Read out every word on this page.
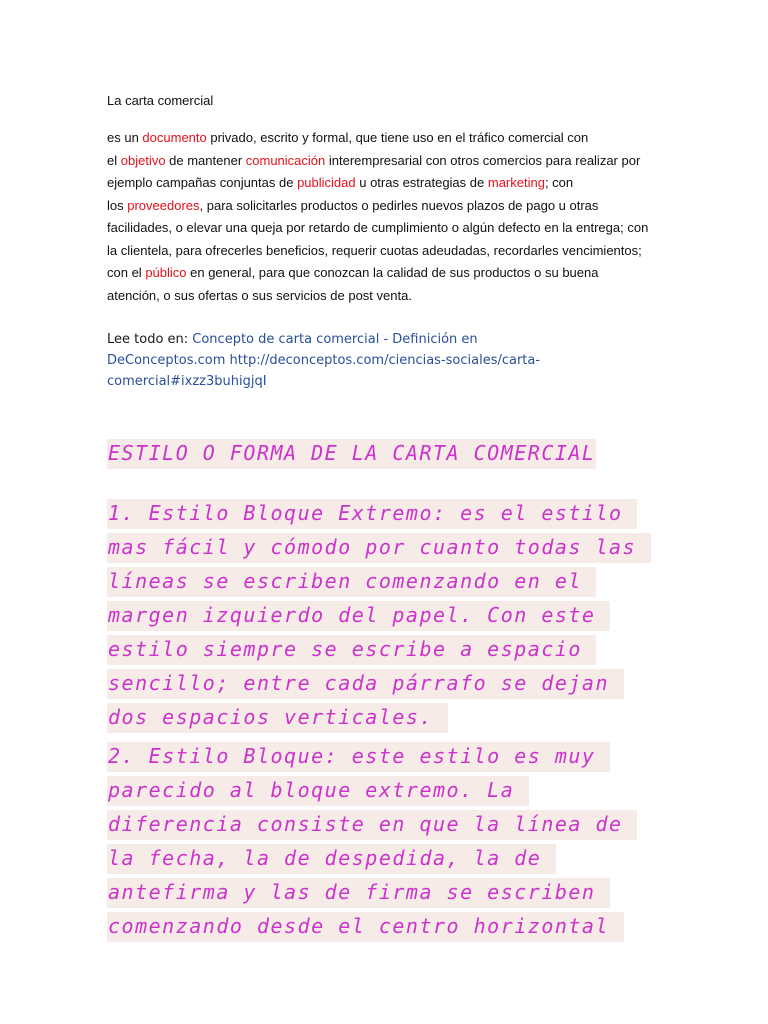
La carta comercial

es un documento privado, escrito y formal, que tiene uso en el tráfico comercial con
el objetivo de mantener comunicación interempresarial con otros comercios para realizar por
ejemplo campañas conjuntas de publicidad u otras estrategias de marketing; con
los proveedores, para solicitarles productos o pedirles nuevos plazos de pago u otras
facilidades, o elevar una queja por retardo de cumplimiento o algún defecto en la entrega; con
la clientela, para ofrecerles beneficios, requerir cuotas adeudadas, recordarles vencimientos;
con el público en general, para que conozcan la calidad de sus productos o su buena
atención, o sus ofertas o sus servicios de post venta.
Lee todo en: Concepto de carta comercial - Definición en
DeConceptos.com http://deconceptos.com/ciencias-sociales/carta-
comercial#ixzz3buhigjqI
ESTILO O FORMA DE LA CARTA COMERCIAL
1. Estilo Bloque Extremo: es el estilo
mas fácil y cómodo por cuanto todas las
líneas se escriben comenzando en el
margen izquierdo del papel. Con este
estilo siempre se escribe a espacio
sencillo; entre cada párrafo se dejan
dos espacios verticales.
2. Estilo Bloque: este estilo es muy
parecido al bloque extremo. La
diferencia consiste en que la línea de
la fecha, la de despedida, la de
antefirma y las de firma se escriben
comenzando desde el centro horizontal
